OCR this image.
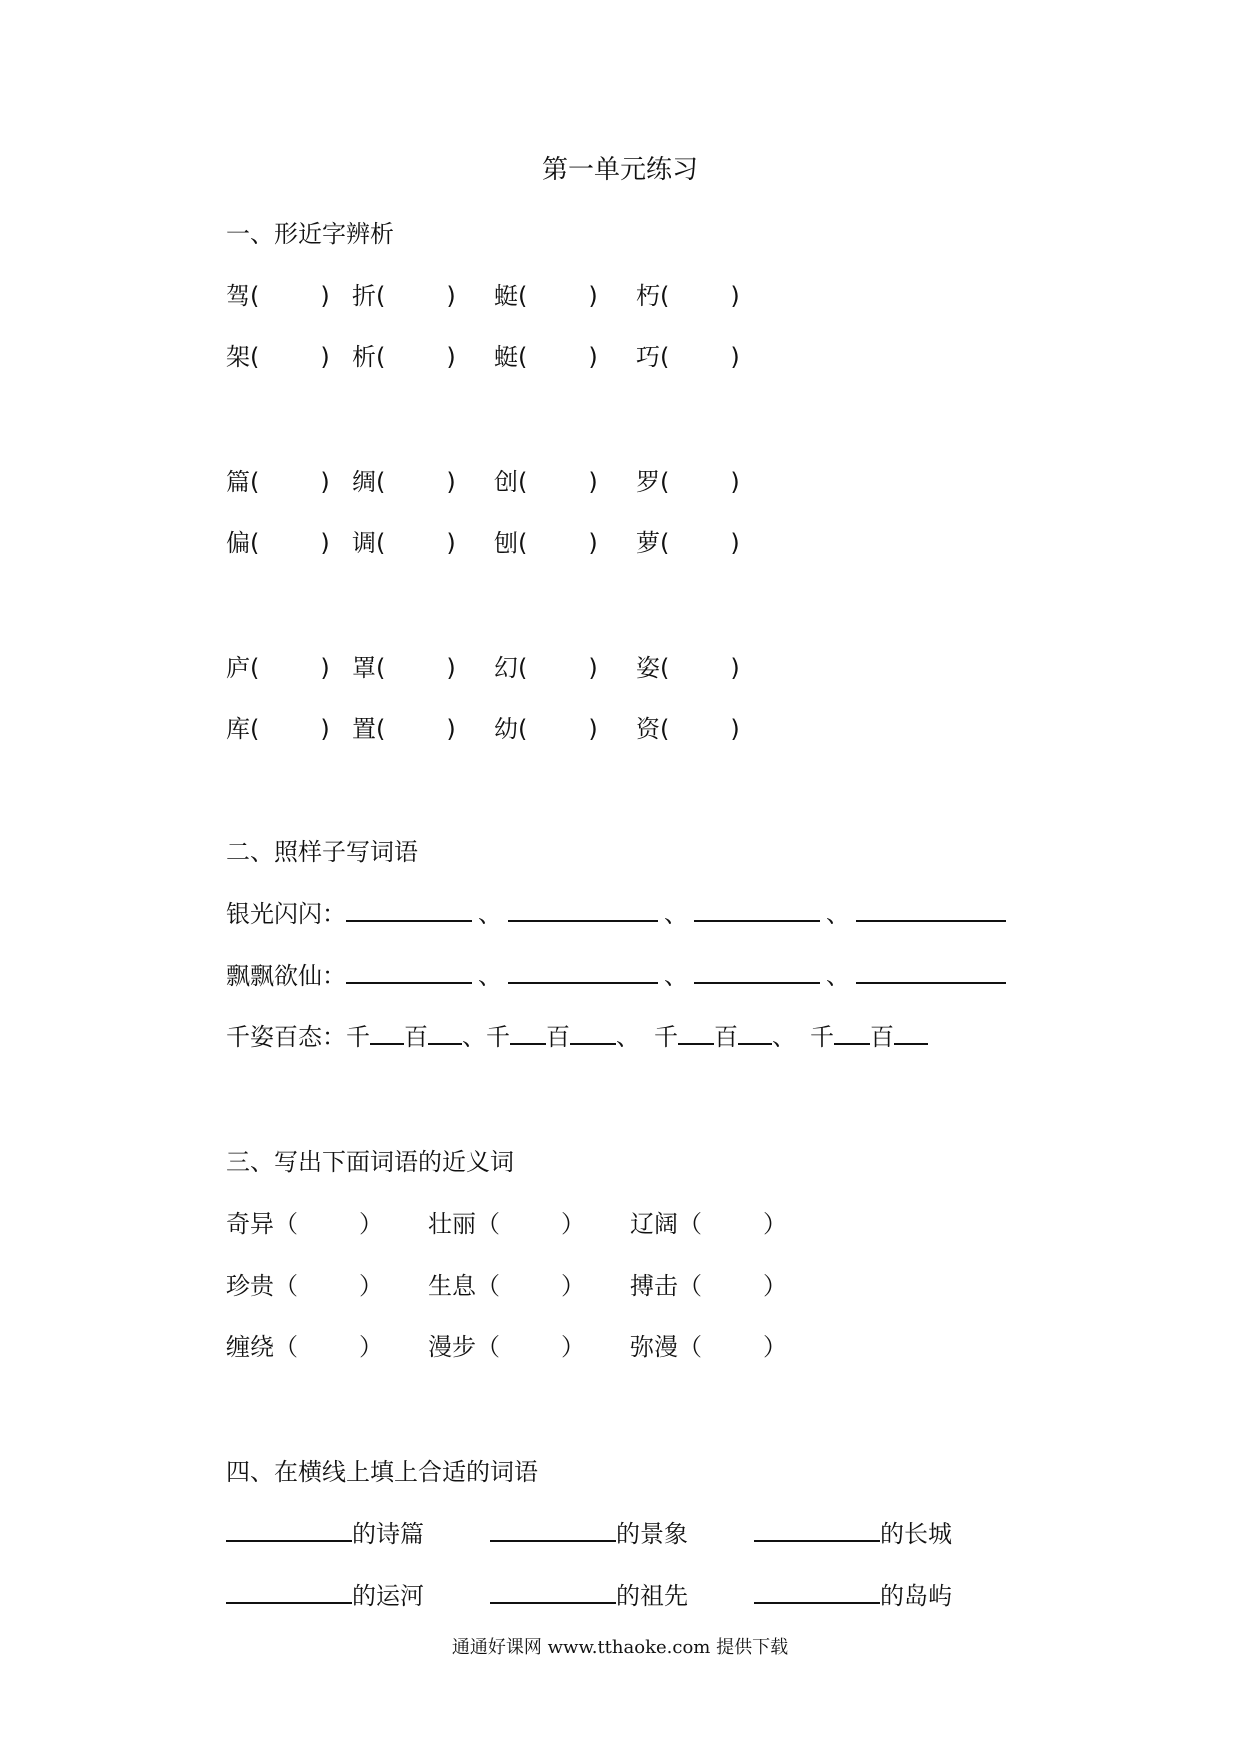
第一单元练习
一、形近字辨析
驾(        ) 折(        ) 蜓(        ) 朽(        )
架(        ) 析(        ) 蜓(        ) 巧(        )
篇(        ) 绸(        ) 创(        ) 罗(        )
偏(        ) 调(        ) 刨(        ) 萝(        )
庐(        ) 罩(        ) 幻(        ) 姿(        )
库(        ) 置(        ) 幼(        ) 资(        )
二、照样子写词语
银光闪闪：	、	、	、
飘飘欲仙：	、	、	、
千姿百态：千 百 、千 百 、 千 百 、 千 百
三、写出下面词语的近义词
奇异（        ） 壮丽（        ） 辽阔（        ）
珍贵（        ） 生息（        ） 搏击（        ）
缠绕（        ） 漫步（        ） 弥漫（        ）
四、在横线上填上合适的词语
的诗篇	的景象	的长城
的运河	的祖先	的岛屿
通通好课网 www.tthaoke.com 提供下载
